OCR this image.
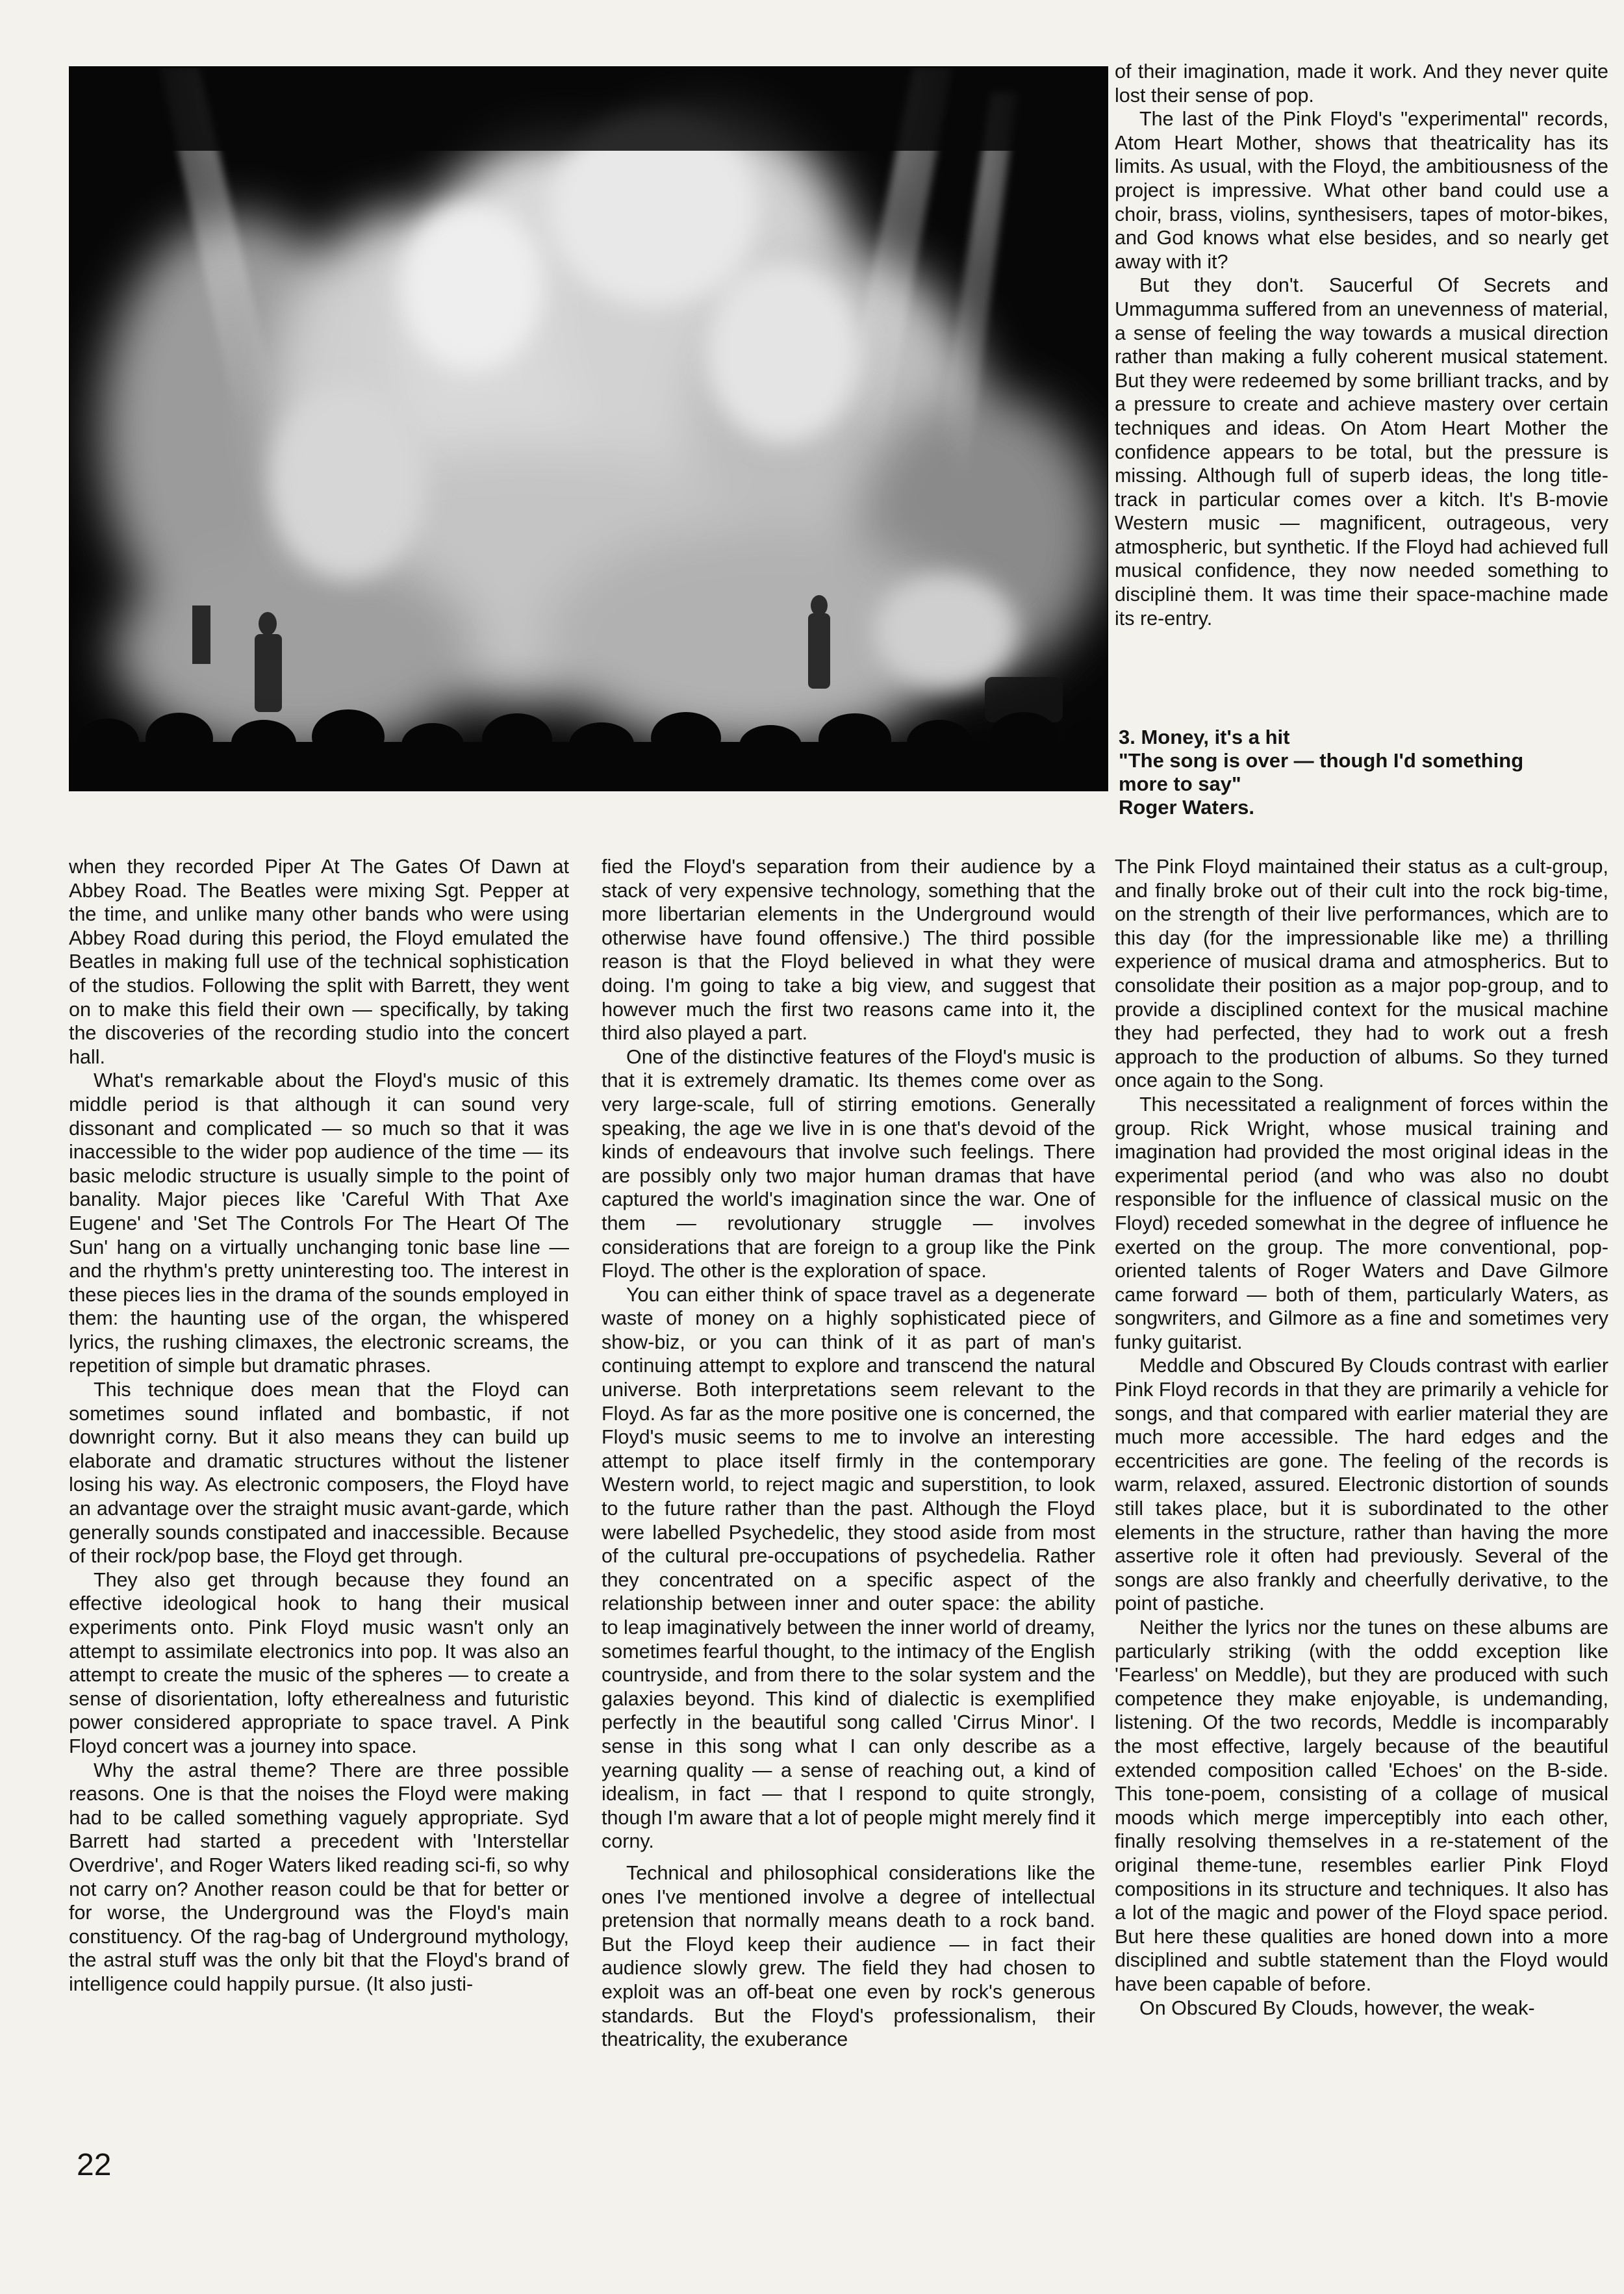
of their imagination, made it work. And they never quite lost their sense of pop.

The last of the Pink Floyd's "experimental" records, Atom Heart Mother, shows that theatricality has its limits. As usual, with the Floyd, the ambitiousness of the project is impressive. What other band could use a choir, brass, violins, synthesisers, tapes of motor-bikes, and God knows what else besides, and so nearly get away with it?

But they don't. Saucerful Of Secrets and Ummagumma suffered from an unevenness of material, a sense of feeling the way towards a musical direction rather than making a fully coherent musical statement. But they were redeemed by some brilliant tracks, and by a pressure to create and achieve mastery over certain techniques and ideas. On Atom Heart Mother the confidence appears to be total, but the pressure is missing. Although full of superb ideas, the long title-track in particular comes over a kitch. It's B-movie Western music — magnificent, outrageous, very atmospheric, but synthetic. If the Floyd had achieved full musical confidence, they now needed something to disciplinė them. It was time their space-machine made its re-entry.

3. Money, it's a hit
"The song is over — though I'd something
more to say"
Roger Waters.

when they recorded Piper At The Gates Of Dawn at Abbey Road. The Beatles were mixing Sgt. Pepper at the time, and unlike many other bands who were using Abbey Road during this period, the Floyd emulated the Beatles in making full use of the technical sophistication of the studios. Following the split with Barrett, they went on to make this field their own — specifically, by taking the discoveries of the recording studio into the concert hall.

What's remarkable about the Floyd's music of this middle period is that although it can sound very dissonant and complicated — so much so that it was inaccessible to the wider pop audience of the time — its basic melodic structure is usually simple to the point of banality. Major pieces like 'Careful With That Axe Eugene' and 'Set The Controls For The Heart Of The Sun' hang on a virtually unchanging tonic base line — and the rhythm's pretty uninteresting too. The interest in these pieces lies in the drama of the sounds employed in them: the haunting use of the organ, the whispered lyrics, the rushing climaxes, the electronic screams, the repetition of simple but dramatic phrases.

This technique does mean that the Floyd can sometimes sound inflated and bombastic, if not downright corny. But it also means they can build up elaborate and dramatic structures without the listener losing his way. As electronic composers, the Floyd have an advantage over the straight music avant-garde, which generally sounds constipated and inaccessible. Because of their rock/pop base, the Floyd get through.

They also get through because they found an effective ideological hook to hang their musical experiments onto. Pink Floyd music wasn't only an attempt to assimilate electronics into pop. It was also an attempt to create the music of the spheres — to create a sense of disorientation, lofty etherealness and futuristic power considered appropriate to space travel. A Pink Floyd concert was a journey into space.

Why the astral theme? There are three possible reasons. One is that the noises the Floyd were making had to be called something vaguely appropriate. Syd Barrett had started a precedent with 'Interstellar Overdrive', and Roger Waters liked reading sci-fi, so why not carry on? Another reason could be that for better or for worse, the Underground was the Floyd's main constituency. Of the rag-bag of Underground mythology, the astral stuff was the only bit that the Floyd's brand of intelligence could happily pursue. (It also justi-

fied the Floyd's separation from their audience by a stack of very expensive technology, something that the more libertarian elements in the Underground would otherwise have found offensive.) The third possible reason is that the Floyd believed in what they were doing. I'm going to take a big view, and suggest that however much the first two reasons came into it, the third also played a part.

One of the distinctive features of the Floyd's music is that it is extremely dramatic. Its themes come over as very large-scale, full of stirring emotions. Generally speaking, the age we live in is one that's devoid of the kinds of endeavours that involve such feelings. There are possibly only two major human dramas that have captured the world's imagination since the war. One of them — revolutionary struggle — involves considerations that are foreign to a group like the Pink Floyd. The other is the exploration of space.

You can either think of space travel as a degenerate waste of money on a highly sophisticated piece of show-biz, or you can think of it as part of man's continuing attempt to explore and transcend the natural universe. Both interpretations seem relevant to the Floyd. As far as the more positive one is concerned, the Floyd's music seems to me to involve an interesting attempt to place itself firmly in the contemporary Western world, to reject magic and superstition, to look to the future rather than the past. Although the Floyd were labelled Psychedelic, they stood aside from most of the cultural pre-occupations of psychedelia. Rather they concentrated on a specific aspect of the relationship between inner and outer space: the ability to leap imaginatively between the inner world of dreamy, sometimes fearful thought, to the intimacy of the English countryside, and from there to the solar system and the galaxies beyond. This kind of dialectic is exemplified perfectly in the beautiful song called 'Cirrus Minor'. I sense in this song what I can only describe as a yearning quality — a sense of reaching out, a kind of idealism, in fact — that I respond to quite strongly, though I'm aware that a lot of people might merely find it corny.

Technical and philosophical considerations like the ones I've mentioned involve a degree of intellectual pretension that normally means death to a rock band. But the Floyd keep their audience — in fact their audience slowly grew. The field they had chosen to exploit was an off-beat one even by rock's generous standards. But the Floyd's professionalism, their theatricality, the exuberance

The Pink Floyd maintained their status as a cult-group, and finally broke out of their cult into the rock big-time, on the strength of their live performances, which are to this day (for the impressionable like me) a thrilling experience of musical drama and atmospherics. But to consolidate their position as a major pop-group, and to provide a disciplined context for the musical machine they had perfected, they had to work out a fresh approach to the production of albums. So they turned once again to the Song.

This necessitated a realignment of forces within the group. Rick Wright, whose musical training and imagination had provided the most original ideas in the experimental period (and who was also no doubt responsible for the influence of classical music on the Floyd) receded somewhat in the degree of influence he exerted on the group. The more conventional, pop-oriented talents of Roger Waters and Dave Gilmore came forward — both of them, particularly Waters, as songwriters, and Gilmore as a fine and sometimes very funky guitarist.

Meddle and Obscured By Clouds contrast with earlier Pink Floyd records in that they are primarily a vehicle for songs, and that compared with earlier material they are much more accessible. The hard edges and the eccentricities are gone. The feeling of the records is warm, relaxed, assured. Electronic distortion of sounds still takes place, but it is subordinated to the other elements in the structure, rather than having the more assertive role it often had previously. Several of the songs are also frankly and cheerfully derivative, to the point of pastiche.

Neither the lyrics nor the tunes on these albums are particularly striking (with the oddd exception like 'Fearless' on Meddle), but they are produced with such competence they make enjoyable, is undemanding, listening. Of the two records, Meddle is incomparably the most effective, largely because of the beautiful extended composition called 'Echoes' on the B-side. This tone-poem, consisting of a collage of musical moods which merge imperceptibly into each other, finally resolving themselves in a re-statement of the original theme-tune, resembles earlier Pink Floyd compositions in its structure and techniques. It also has a lot of the magic and power of the Floyd space period. But here these qualities are honed down into a more disciplined and subtle statement than the Floyd would have been capable of before.

On Obscured By Clouds, however, the weak-

22
